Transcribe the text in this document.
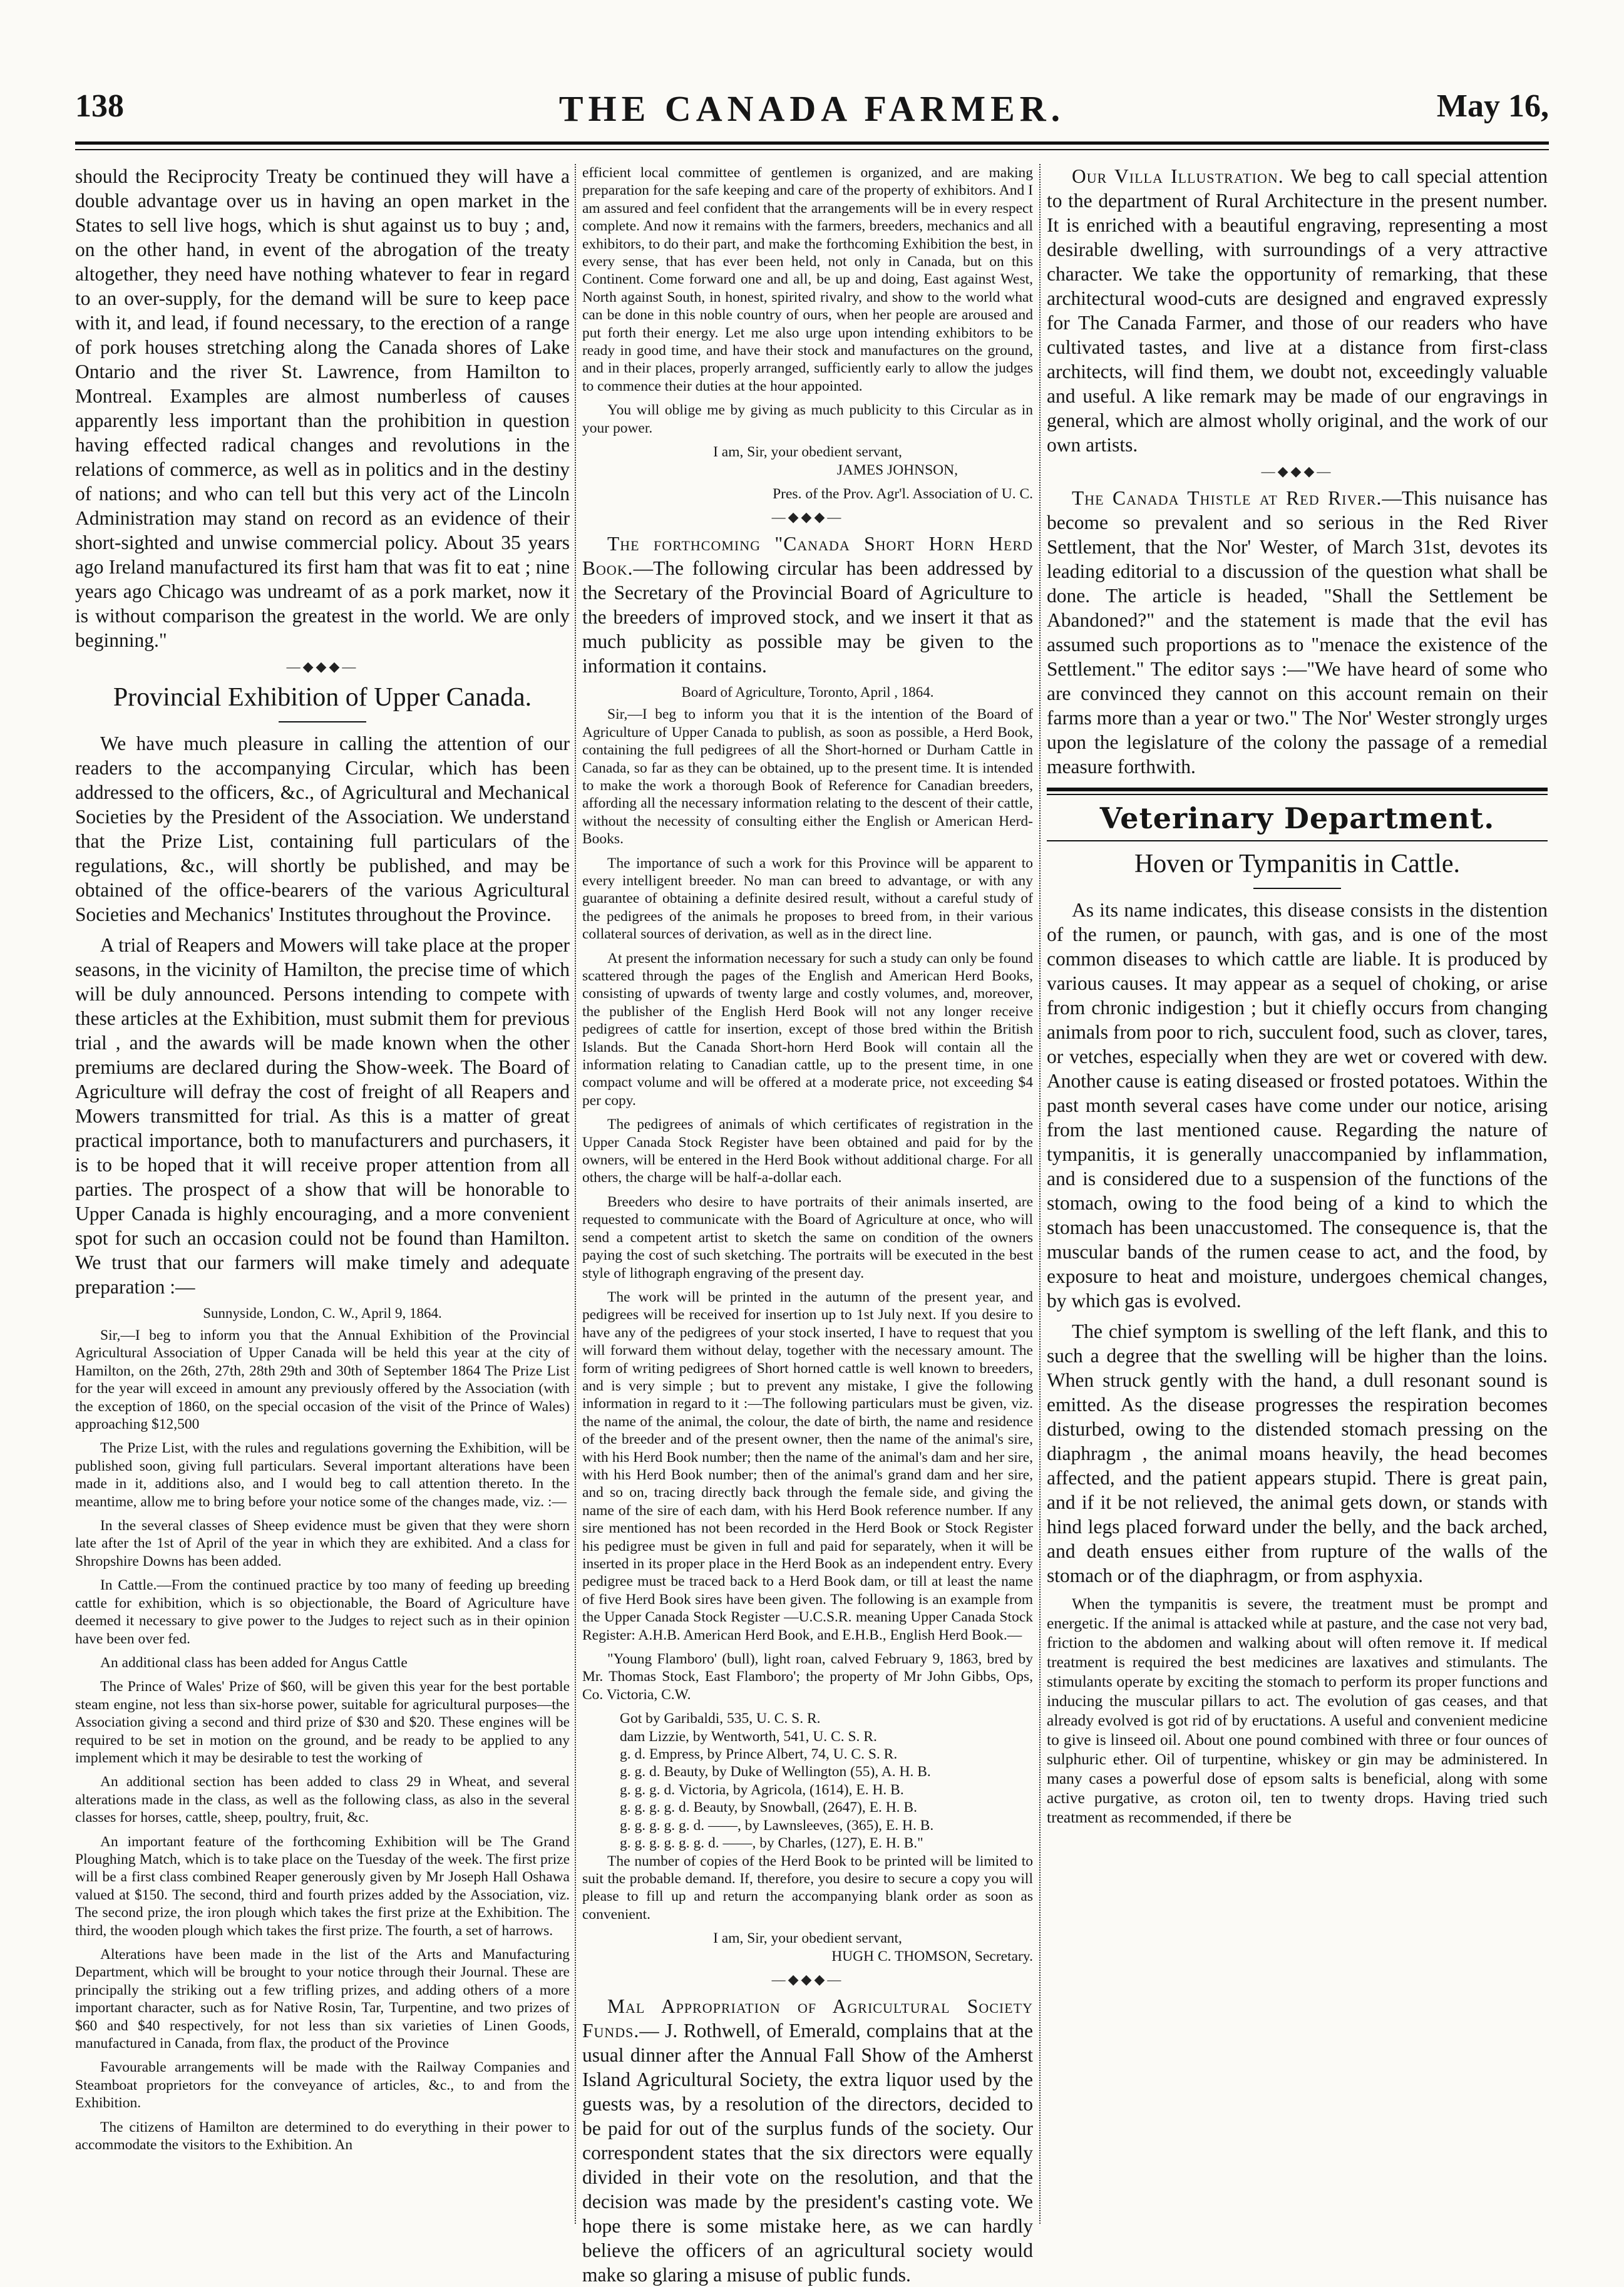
138	THE CANADA FARMER.	May 16,

should the Reciprocity Treaty be continued they will have a double advantage over us in having an open market in the States to sell live hogs, which is shut against us to buy ; and, on the other hand, in event of the abrogation of the treaty altogether, they need have nothing whatever to fear in regard to an over-supply, for the demand will be sure to keep pace with it, and lead, if found necessary, to the erection of a range of pork houses stretching along the Canada shores of Lake Ontario and the river St. Lawrence, from Hamilton to Montreal. Examples are almost numberless of causes apparently less important than the prohibition in question having effected radical changes and revolutions in the relations of commerce, as well as in politics and in the destiny of nations; and who can tell but this very act of the Lincoln Administration may stand on record as an evidence of their short-sighted and unwise commercial policy. About 35 years ago Ireland manufactured its first ham that was fit to eat ; nine years ago Chicago was undreamt of as a pork market, now it is without comparison the greatest in the world. We are only beginning."

—◆◆◆—
Provincial Exhibition of Upper Canada.

We have much pleasure in calling the attention of our readers to the accompanying Circular, which has been addressed to the officers, &c., of Agricultural and Mechanical Societies by the President of the Association. We understand that the Prize List, containing full particulars of the regulations, &c., will shortly be published, and may be obtained of the office-bearers of the various Agricultural Societies and Mechanics' Institutes throughout the Province.

A trial of Reapers and Mowers will take place at the proper seasons, in the vicinity of Hamilton, the precise time of which will be duly announced. Persons intending to compete with these articles at the Exhibition, must submit them for previous trial , and the awards will be made known when the other premiums are declared during the Show-week. The Board of Agriculture will defray the cost of freight of all Reapers and Mowers transmitted for trial. As this is a matter of great practical importance, both to manufacturers and purchasers, it is to be hoped that it will receive proper attention from all parties. The prospect of a show that will be honorable to Upper Canada is highly encouraging, and a more convenient spot for such an occasion could not be found than Hamilton. We trust that our farmers will make timely and adequate preparation :—

Sunnyside, London, C. W., April 9, 1864.

Sir,—I beg to inform you that the Annual Exhibition of the Provincial Agricultural Association of Upper Canada will be held this year at the city of Hamilton, on the 26th, 27th, 28th 29th and 30th of September 1864 The Prize List for the year will exceed in amount any previously offered by the Association (with the exception of 1860, on the special occasion of the visit of the Prince of Wales) approaching $12,500

The Prize List, with the rules and regulations governing the Exhibition, will be published soon, giving full particulars. Several important alterations have been made in it, additions also, and I would beg to call attention thereto. In the meantime, allow me to bring before your notice some of the changes made, viz. :—

In the several classes of Sheep evidence must be given that they were shorn late after the 1st of April of the year in which they are exhibited. And a class for Shropshire Downs has been added.

In Cattle.—From the continued practice by too many of feeding up breeding cattle for exhibition, which is so objectionable, the Board of Agriculture have deemed it necessary to give power to the Judges to reject such as in their opinion have been over fed.

An additional class has been added for Angus Cattle

The Prince of Wales' Prize of $60, will be given this year for the best portable steam engine, not less than six-horse power, suitable for agricultural purposes—the Association giving a second and third prize of $30 and $20. These engines will be required to be set in motion on the ground, and be ready to be applied to any implement which it may be desirable to test the working of

An additional section has been added to class 29 in Wheat, and several alterations made in the class, as well as the following class, as also in the several classes for horses, cattle, sheep, poultry, fruit, &c.

An important feature of the forthcoming Exhibition will be The Grand Ploughing Match, which is to take place on the Tuesday of the week. The first prize will be a first class combined Reaper generously given by Mr Joseph Hall Oshawa valued at $150. The second, third and fourth prizes added by the Association, viz. The second prize, the iron plough which takes the first prize at the Exhibition. The third, the wooden plough which takes the first prize. The fourth, a set of harrows.

Alterations have been made in the list of the Arts and Manufacturing Department, which will be brought to your notice through their Journal. These are principally the striking out a few trifling prizes, and adding others of a more important character, such as for Native Rosin, Tar, Turpentine, and two prizes of $60 and $40 respectively, for not less than six varieties of Linen Goods, manufactured in Canada, from flax, the product of the Province

Favourable arrangements will be made with the Railway Companies and Steamboat proprietors for the conveyance of articles, &c., to and from the Exhibition.

The citizens of Hamilton are determined to do everything in their power to accommodate the visitors to the Exhibition. An

efficient local committee of gentlemen is organized, and are making preparation for the safe keeping and care of the property of exhibitors. And I am assured and feel confident that the arrangements will be in every respect complete. And now it remains with the farmers, breeders, mechanics and all exhibitors, to do their part, and make the forthcoming Exhibition the best, in every sense, that has ever been held, not only in Canada, but on this Continent. Come forward one and all, be up and doing, East against West, North against South, in honest, spirited rivalry, and show to the world what can be done in this noble country of ours, when her people are aroused and put forth their energy. Let me also urge upon intending exhibitors to be ready in good time, and have their stock and manufactures on the ground, and in their places, properly arranged, sufficiently early to allow the judges to commence their duties at the hour appointed.

You will oblige me by giving as much publicity to this Circular as in your power.

I am, Sir, your obedient servant,

JAMES JOHNSON,

Pres. of the Prov. Agr'l. Association of U. C.

—◆◆◆—

The forthcoming "Canada Short Horn Herd Book.—The following circular has been addressed by the Secretary of the Provincial Board of Agriculture to the breeders of improved stock, and we insert it that as much publicity as possible may be given to the information it contains.

Board of Agriculture, Toronto, April , 1864.

Sir,—I beg to inform you that it is the intention of the Board of Agriculture of Upper Canada to publish, as soon as possible, a Herd Book, containing the full pedigrees of all the Short-horned or Durham Cattle in Canada, so far as they can be obtained, up to the present time. It is intended to make the work a thorough Book of Reference for Canadian breeders, affording all the necessary information relating to the descent of their cattle, without the necessity of consulting either the English or American Herd-Books.

The importance of such a work for this Province will be apparent to every intelligent breeder. No man can breed to advantage, or with any guarantee of obtaining a definite desired result, without a careful study of the pedigrees of the animals he proposes to breed from, in their various collateral sources of derivation, as well as in the direct line.

At present the information necessary for such a study can only be found scattered through the pages of the English and American Herd Books, consisting of upwards of twenty large and costly volumes, and, moreover, the publisher of the English Herd Book will not any longer receive pedigrees of cattle for insertion, except of those bred within the British Islands. But the Canada Short-horn Herd Book will contain all the information relating to Canadian cattle, up to the present time, in one compact volume and will be offered at a moderate price, not exceeding $4 per copy.

The pedigrees of animals of which certificates of registration in the Upper Canada Stock Register have been obtained and paid for by the owners, will be entered in the Herd Book without additional charge. For all others, the charge will be half-a-dollar each.

Breeders who desire to have portraits of their animals inserted, are requested to communicate with the Board of Agriculture at once, who will send a competent artist to sketch the same on condition of the owners paying the cost of such sketching. The portraits will be executed in the best style of lithograph engraving of the present day.

The work will be printed in the autumn of the present year, and pedigrees will be received for insertion up to 1st July next. If you desire to have any of the pedigrees of your stock inserted, I have to request that you will forward them without delay, together with the necessary amount. The form of writing pedigrees of Short horned cattle is well known to breeders, and is very simple ; but to prevent any mistake, I give the following information in regard to it :—The following particulars must be given, viz. the name of the animal, the colour, the date of birth, the name and residence of the breeder and of the present owner, then the name of the animal's sire, with his Herd Book number; then the name of the animal's dam and her sire, with his Herd Book number; then of the animal's grand dam and her sire, and so on, tracing directly back through the female side, and giving the name of the sire of each dam, with his Herd Book reference number. If any sire mentioned has not been recorded in the Herd Book or Stock Register his pedigree must be given in full and paid for separately, when it will be inserted in its proper place in the Herd Book as an independent entry. Every pedigree must be traced back to a Herd Book dam, or till at least the name of five Herd Book sires have been given. The following is an example from the Upper Canada Stock Register —U.C.S.R. meaning Upper Canada Stock Register: A.H.B. American Herd Book, and E.H.B., English Herd Book.—

"Young Flamboro' (bull), light roan, calved February 9, 1863, bred by Mr. Thomas Stock, East Flamboro'; the property of Mr John Gibbs, Ops, Co. Victoria, C.W.

Got by Garibaldi, 535, U. C. S. R.
dam Lizzie, by Wentworth, 541, U. C. S. R.
g. d. Empress, by Prince Albert, 74, U. C. S. R.
g. g. d. Beauty, by Duke of Wellington (55), A. H. B.
g. g. g. d. Victoria, by Agricola, (1614), E. H. B.
g. g. g. g. d. Beauty, by Snowball, (2647), E. H. B.
g. g. g. g. g. d. ——, by Lawnsleeves, (365), E. H. B.
g. g. g. g. g. g. d. ——, by Charles, (127), E. H. B."

The number of copies of the Herd Book to be printed will be limited to suit the probable demand. If, therefore, you desire to secure a copy you will please to fill up and return the accompanying blank order as soon as convenient.

I am, Sir, your obedient servant,

HUGH C. THOMSON, Secretary.

—◆◆◆—

Mal Appropriation of Agricultural Society Funds.— J. Rothwell, of Emerald, complains that at the usual dinner after the Annual Fall Show of the Amherst Island Agricultural Society, the extra liquor used by the guests was, by a resolution of the directors, decided to be paid for out of the surplus funds of the society. Our correspondent states that the six directors were equally divided in their vote on the resolution, and that the decision was made by the president's casting vote. We hope there is some mistake here, as we can hardly believe the officers of an agricultural society would make so glaring a misuse of public funds.

Our Villa Illustration. We beg to call special attention to the department of Rural Architecture in the present number. It is enriched with a beautiful engraving, representing a most desirable dwelling, with surroundings of a very attractive character. We take the opportunity of remarking, that these architectural wood-cuts are designed and engraved expressly for The Canada Farmer, and those of our readers who have cultivated tastes, and live at a distance from first-class architects, will find them, we doubt not, exceedingly valuable and useful. A like remark may be made of our engravings in general, which are almost wholly original, and the work of our own artists.

—◆◆◆—

The Canada Thistle at Red River.—This nuisance has become so prevalent and so serious in the Red River Settlement, that the Nor' Wester, of March 31st, devotes its leading editorial to a discussion of the question what shall be done. The article is headed, "Shall the Settlement be Abandoned?" and the statement is made that the evil has assumed such proportions as to "menace the existence of the Settlement." The editor says :—"We have heard of some who are convinced they cannot on this account remain on their farms more than a year or two." The Nor' Wester strongly urges upon the legislature of the colony the passage of a remedial measure forthwith.

Veterinary Department.
Hoven or Tympanitis in Cattle.

As its name indicates, this disease consists in the distention of the rumen, or paunch, with gas, and is one of the most common diseases to which cattle are liable. It is produced by various causes. It may appear as a sequel of choking, or arise from chronic indigestion ; but it chiefly occurs from changing animals from poor to rich, succulent food, such as clover, tares, or vetches, especially when they are wet or covered with dew. Another cause is eating diseased or frosted potatoes. Within the past month several cases have come under our notice, arising from the last mentioned cause. Regarding the nature of tympanitis, it is generally unaccompanied by inflammation, and is considered due to a suspension of the functions of the stomach, owing to the food being of a kind to which the stomach has been unaccustomed. The consequence is, that the muscular bands of the rumen cease to act, and the food, by exposure to heat and moisture, undergoes chemical changes, by which gas is evolved.

The chief symptom is swelling of the left flank, and this to such a degree that the swelling will be higher than the loins. When struck gently with the hand, a dull resonant sound is emitted. As the disease progresses the respiration becomes disturbed, owing to the distended stomach pressing on the diaphragm , the animal moans heavily, the head becomes affected, and the patient appears stupid. There is great pain, and if it be not relieved, the animal gets down, or stands with hind legs placed forward under the belly, and the back arched, and death ensues either from rupture of the walls of the stomach or of the diaphragm, or from asphyxia.

When the tympanitis is severe, the treatment must be prompt and energetic. If the animal is attacked while at pasture, and the case not very bad, friction to the abdomen and walking about will often remove it. If medical treatment is required the best medicines are laxatives and stimulants. The stimulants operate by exciting the stomach to perform its proper functions and inducing the muscular pillars to act. The evolution of gas ceases, and that already evolved is got rid of by eructations. A useful and convenient medicine to give is linseed oil. About one pound combined with three or four ounces of sulphuric ether. Oil of turpentine, whiskey or gin may be administered. In many cases a powerful dose of epsom salts is beneficial, along with some active purgative, as croton oil, ten to twenty drops. Having tried such treatment as recommended, if there be
